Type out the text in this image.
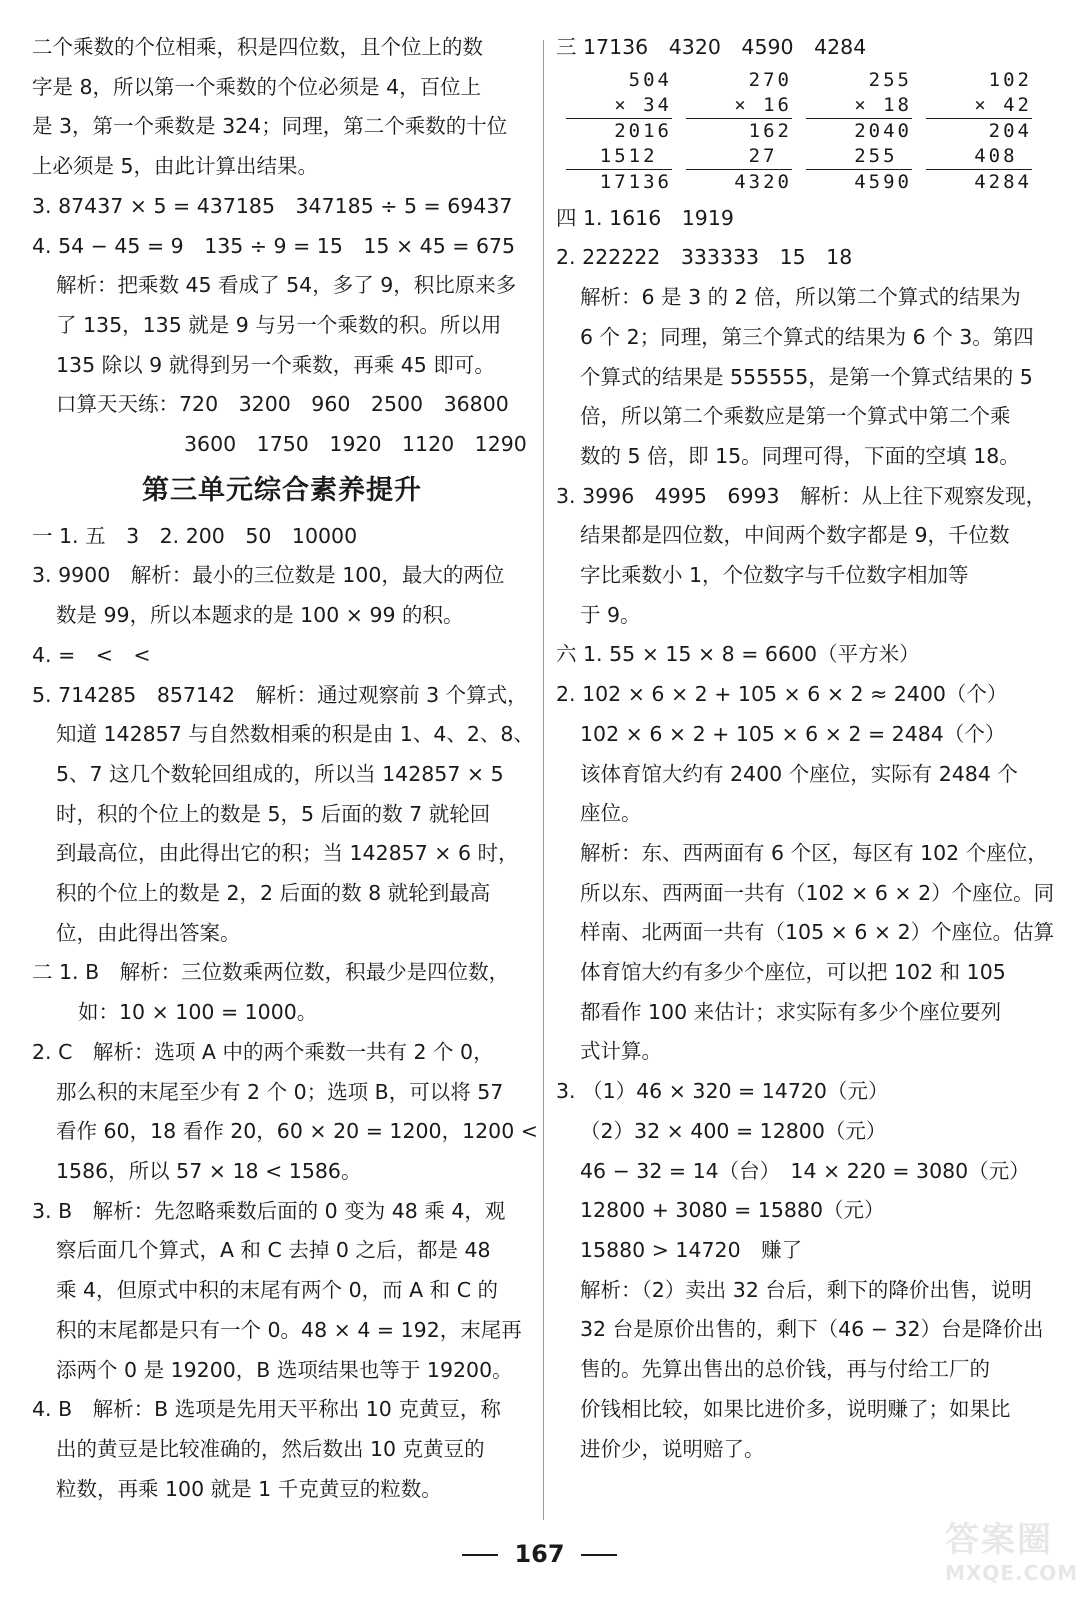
二个乘数的个位相乘，积是四位数，且个位上的数
字是 8，所以第一个乘数的个位必须是 4，百位上
是 3，第一个乘数是 324；同理，第二个乘数的十位
上必须是 5，由此计算出结果。
3. 87437 × 5 = 437185　347185 ÷ 5 = 69437
4. 54 − 45 = 9　135 ÷ 9 = 15　15 × 45 = 675
解析：把乘数 45 看成了 54，多了 9，积比原来多
了 135，135 就是 9 与另一个乘数的积。所以用
135 除以 9 就得到另一个乘数，再乘 45 即可。
口算天天练：720　3200　960　2500　36800
3600　1750　1920　1120　1290
第三单元综合素养提升
一 1. 五　3　2. 200　50　10000
3. 9900　解析：最小的三位数是 100，最大的两位
数是 99，所以本题求的是 100 × 99 的积。
4. =　<　<
5. 714285　857142　解析：通过观察前 3 个算式，
知道 142857 与自然数相乘的积是由 1、4、2、8、
5、7 这几个数轮回组成的，所以当 142857 × 5
时，积的个位上的数是 5，5 后面的数 7 就轮回
到最高位，由此得出它的积；当 142857 × 6 时，
积的个位上的数是 2，2 后面的数 8 就轮到最高
位，由此得出答案。
二 1. B　解析：三位数乘两位数，积最少是四位数，
如：10 × 100 = 1000。
2. C　解析：选项 A 中的两个乘数一共有 2 个 0，
那么积的末尾至少有 2 个 0；选项 B，可以将 57
看作 60，18 看作 20，60 × 20 = 1200，1200 <
1586，所以 57 × 18 < 1586。
3. B　解析：先忽略乘数后面的 0 变为 48 乘 4，观
察后面几个算式，A 和 C 去掉 0 之后，都是 48
乘 4，但原式中积的末尾有两个 0，而 A 和 C 的
积的末尾都是只有一个 0。48 × 4 = 192，末尾再
添两个 0 是 19200，B 选项结果也等于 19200。
4. B　解析：B 选项是先用天平称出 10 克黄豆，称
出的黄豆是比较准确的，然后数出 10 克黄豆的
粒数，再乘 100 就是 1 千克黄豆的粒数。
三 17136　4320　4590　4284
504
× 34
2016
1512
17136
270
× 16
162
27
4320
255
× 18
2040
255
4590
102
× 42
204
408
4284
四 1. 1616　1919
2. 222222　333333　15　18
解析：6 是 3 的 2 倍，所以第二个算式的结果为
6 个 2；同理，第三个算式的结果为 6 个 3。第四
个算式的结果是 555555，是第一个算式结果的 5
倍，所以第二个乘数应是第一个算式中第二个乘
数的 5 倍，即 15。同理可得，下面的空填 18。
3. 3996　4995　6993　解析：从上往下观察发现，
结果都是四位数，中间两个数字都是 9，千位数
字比乘数小 1，个位数字与千位数字相加等
于 9。
六 1. 55 × 15 × 8 = 6600（平方米）
2. 102 × 6 × 2 + 105 × 6 × 2 ≈ 2400（个）
102 × 6 × 2 + 105 × 6 × 2 = 2484（个）
该体育馆大约有 2400 个座位，实际有 2484 个
座位。
解析：东、西两面有 6 个区，每区有 102 个座位，
所以东、西两面一共有（102 × 6 × 2）个座位。同
样南、北两面一共有（105 × 6 × 2）个座位。估算
体育馆大约有多少个座位，可以把 102 和 105
都看作 100 来估计；求实际有多少个座位要列
式计算。
3. （1）46 × 320 = 14720（元）
（2）32 × 400 = 12800（元）
46 − 32 = 14（台）　14 × 220 = 3080（元）
12800 + 3080 = 15880（元）
15880 > 14720　赚了
解析：（2）卖出 32 台后，剩下的降价出售，说明
32 台是原价出售的，剩下（46 − 32）台是降价出
售的。先算出售出的总价钱，再与付给工厂的
价钱相比较，如果比进价多，说明赚了；如果比
进价少，说明赔了。
167	答案圈
MXQE.COM
